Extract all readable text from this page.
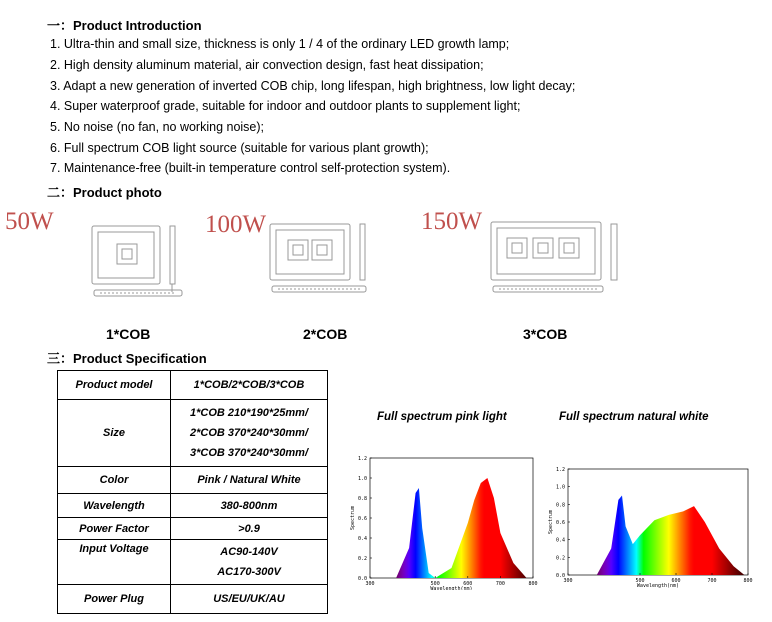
一：Product Introduction
1. Ultra-thin and small size, thickness is only 1 / 4 of the ordinary LED growth lamp;
2. High density aluminum material, air convection design, fast heat dissipation;
3. Adapt a new generation of inverted COB chip, long lifespan, high brightness, low light decay;
4. Super waterproof grade, suitable for indoor and outdoor plants to supplement light;
5. No noise (no fan, no working noise);
6. Full spectrum COB light source (suitable for various plant growth);
7. Maintenance-free (built-in temperature control self-protection system).
二：Product photo
50W	100W	150W
1*COB	2*COB	3*COB
三：Product Specification
Product model	1*COB/2*COB/3*COB
Size	1*COB 210*190*25mm/
2*COB 370*240*30mm/
3*COB 370*240*30mm/

Color	Pink / Natural White
Wavelength	380-800nm
Power Factor	>0.9
Input Voltage	AC90-140V
AC170-300V

Power Plug	US/EU/UK/AU
Full spectrum pink light	Full spectrum natural white
0.0
0.2
0.4
0.6
0.8
1.0
1.2
300	500	600	700	800
Wavelength(nm)
Spectrum
0.0
0.2
0.4
0.6
0.8
1.0
1.2
300	500	600	700	800
Wavelength(nm)
Spectrum
